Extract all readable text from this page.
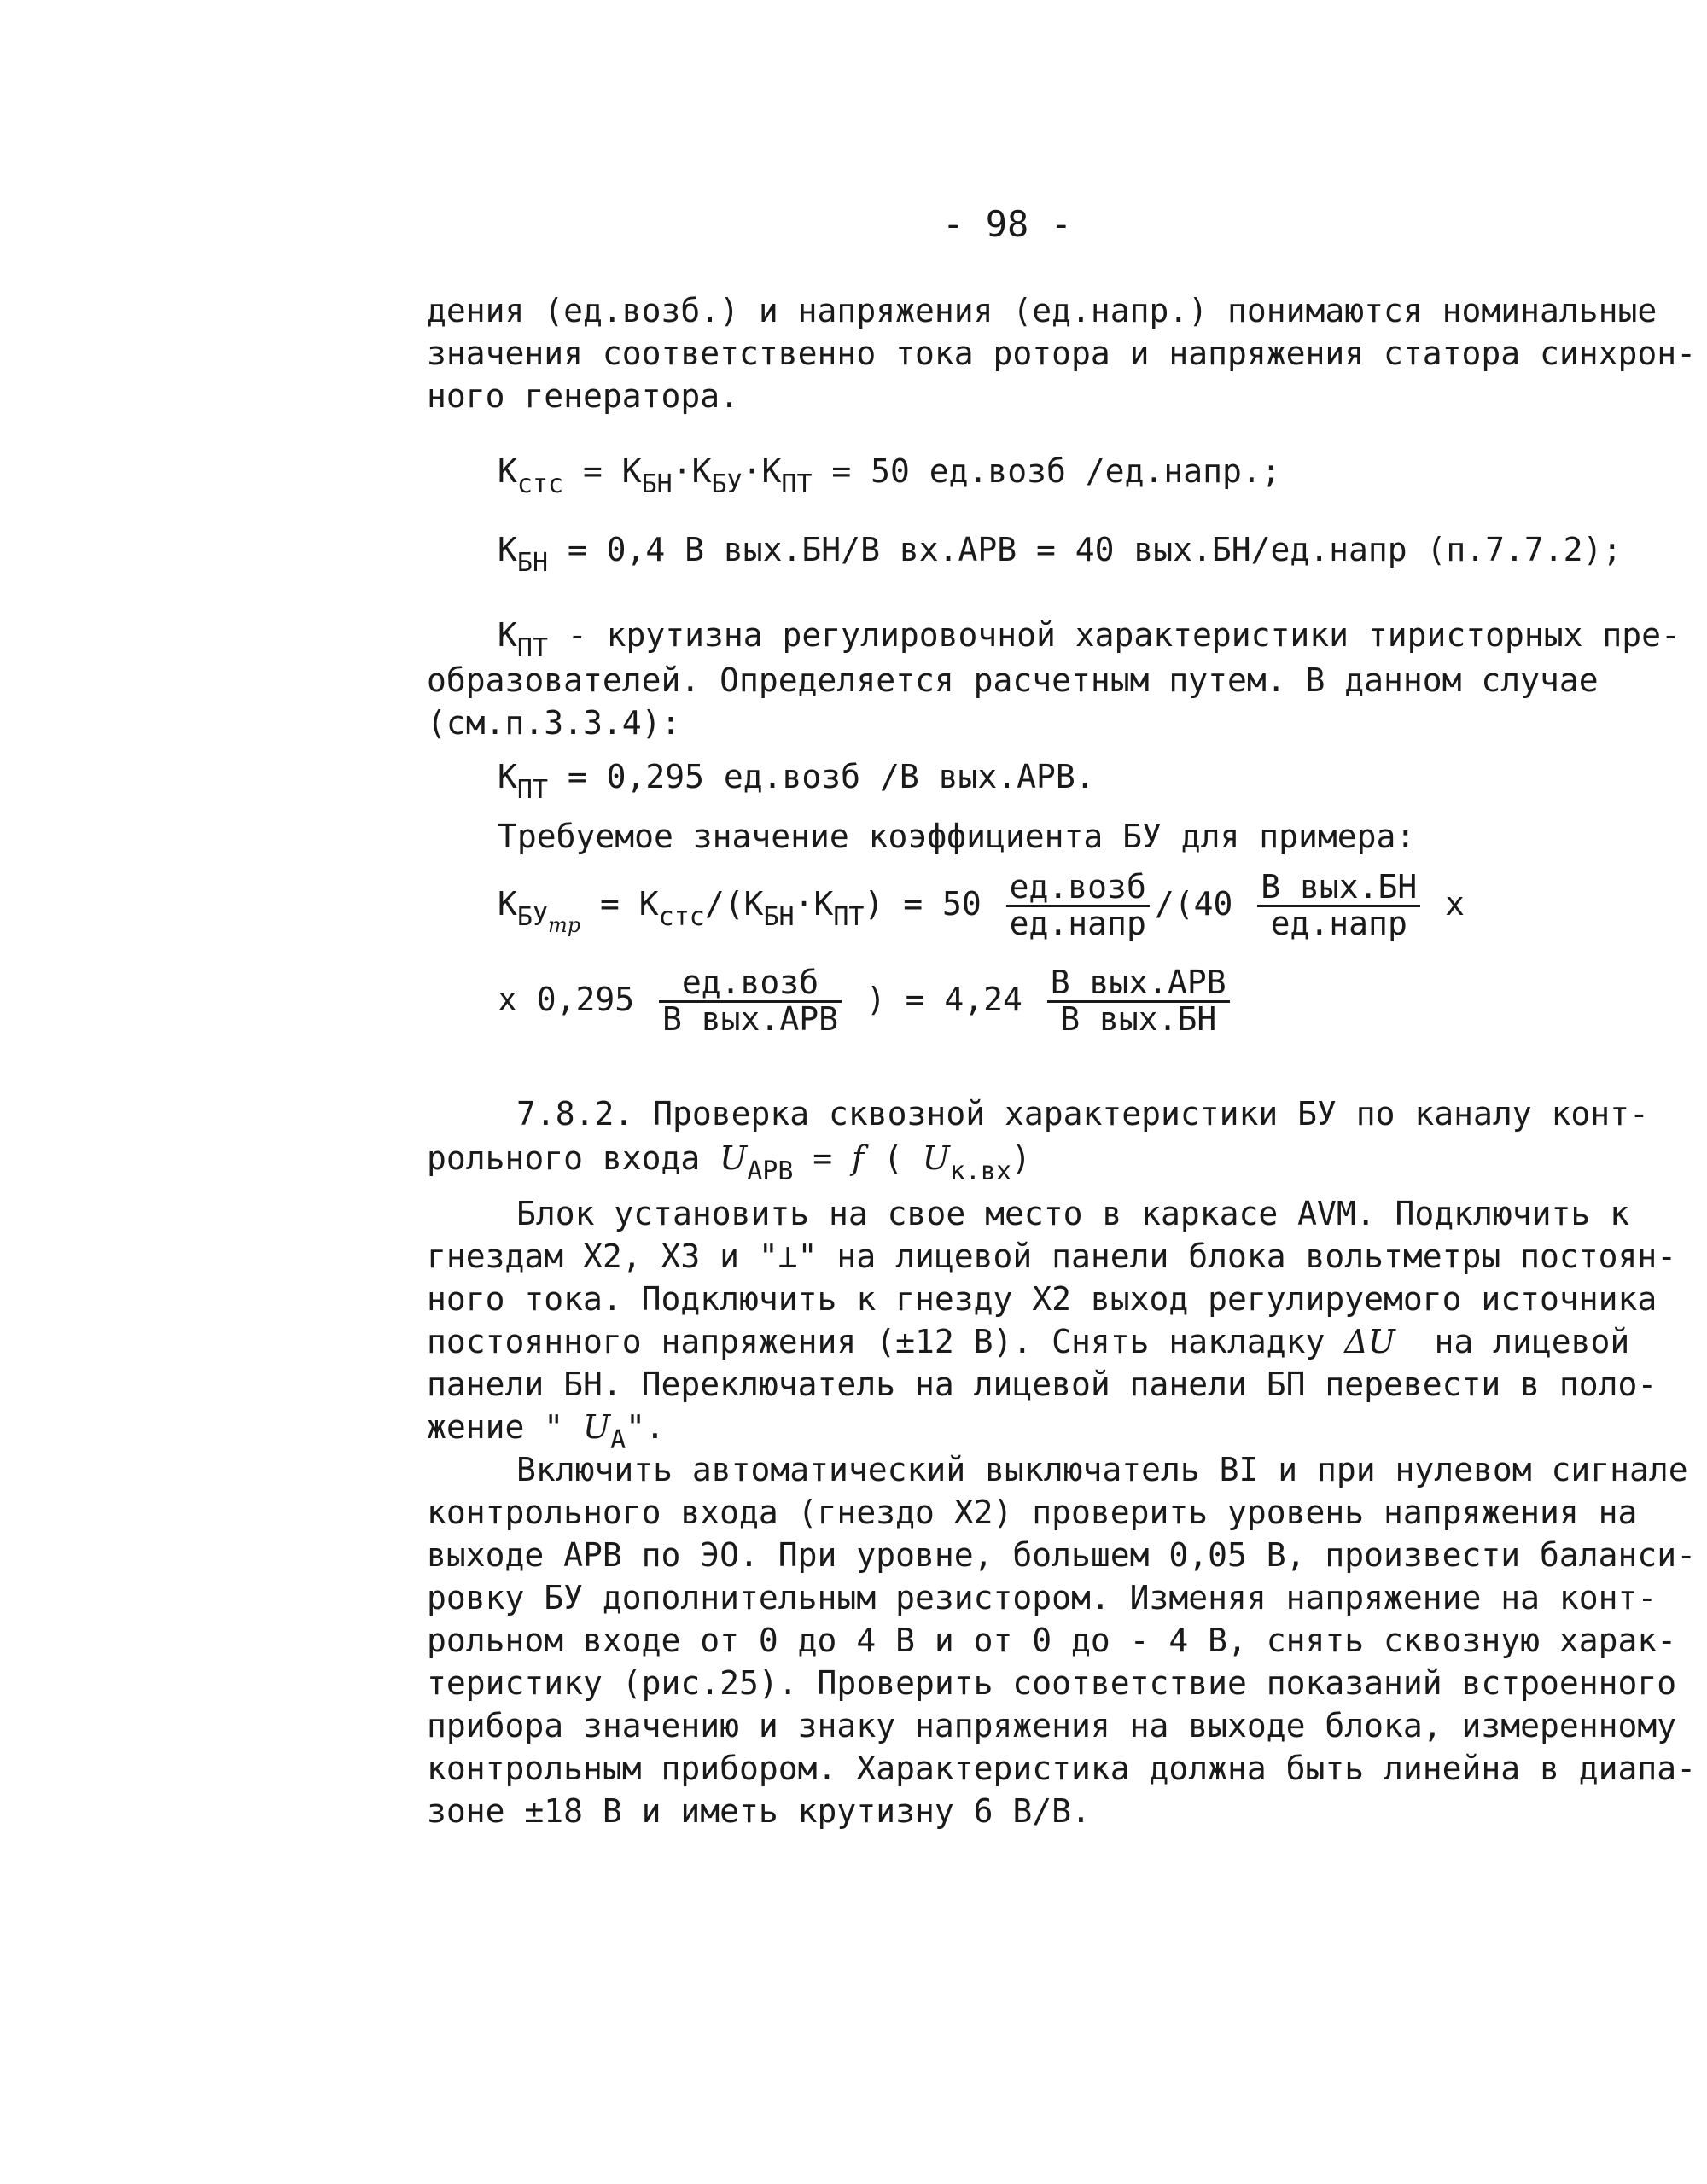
- 98 -
дения (ед.возб.) и напряжения (ед.напр.) понимаются номинальные
значения соответственно тока ротора и напряжения статора синхрон-
ного генератора.
$К_{стс} = К_{БН}\cdot К_{БУ}\cdot К_{ПТ} = 50$ ед.возб /ед.напр.;
$К_{БН} = 0,4$ В вых.БН/В вх.АРВ = 40 вых.БН/ед.напр (п.7.7.2);
$К_{ПТ}$ - крутизна регулировочной характеристики тиристорных пре-
образователей. Определяется расчетным путем. В данном случае
(см.п.3.3.4):
$К_{ПТ} = 0,295$ ед.возб /В вых.АРВ.
Требуемое значение коэффициента БУ для примера:
$К_{БУ_{тр}} = К_{стс}/(К_{БН}\cdot К_{ПТ}) = 50 \frac{\text{ед.возб}}{\text{ед.напр}} /(40 \frac{\text{В вых.БН}}{\text{ед.напр}}$ х
х $0,295 \frac{\text{ед.возб}}{\text{В вых.АРВ}}$ ) = $4,24 \frac{\text{В вых.АРВ}}{\text{В вых.БН}}$
7.8.2. Проверка сквозной характеристики БУ по каналу конт-
рольного входа $U_{АРВ} = f$ ( $U_{к.вх}$)
Блок установить на свое место в каркасе AVM. Подключить к
гнездам Х2, Х3 и "⊥" на лицевой панели блока вольтметры постоян-
ного тока. Подключить к гнезду Х2 выход регулируемого источника
постоянного напряжения (±12 В). Снять накладку ΔU  на лицевой
панели БН. Переключатель на лицевой панели БП перевести в поло-
жение " $U_А$".
Включить автоматический выключатель ВI и при нулевом сигнале
контрольного входа (гнездо Х2) проверить уровень напряжения на
выходе АРВ по ЭО. При уровне, большем 0,05 В, произвести баланси-
ровку БУ дополнительным резистором. Изменяя напряжение на конт-
рольном входе от 0 до 4 В и от 0 до - 4 В, снять сквозную харак-
теристику (рис.25). Проверить соответствие показаний встроенного
прибора значению и знаку напряжения на выходе блока, измеренному
контрольным прибором. Характеристика должна быть линейна в диапа-
зоне ±18 В и иметь крутизну 6 В/В.
